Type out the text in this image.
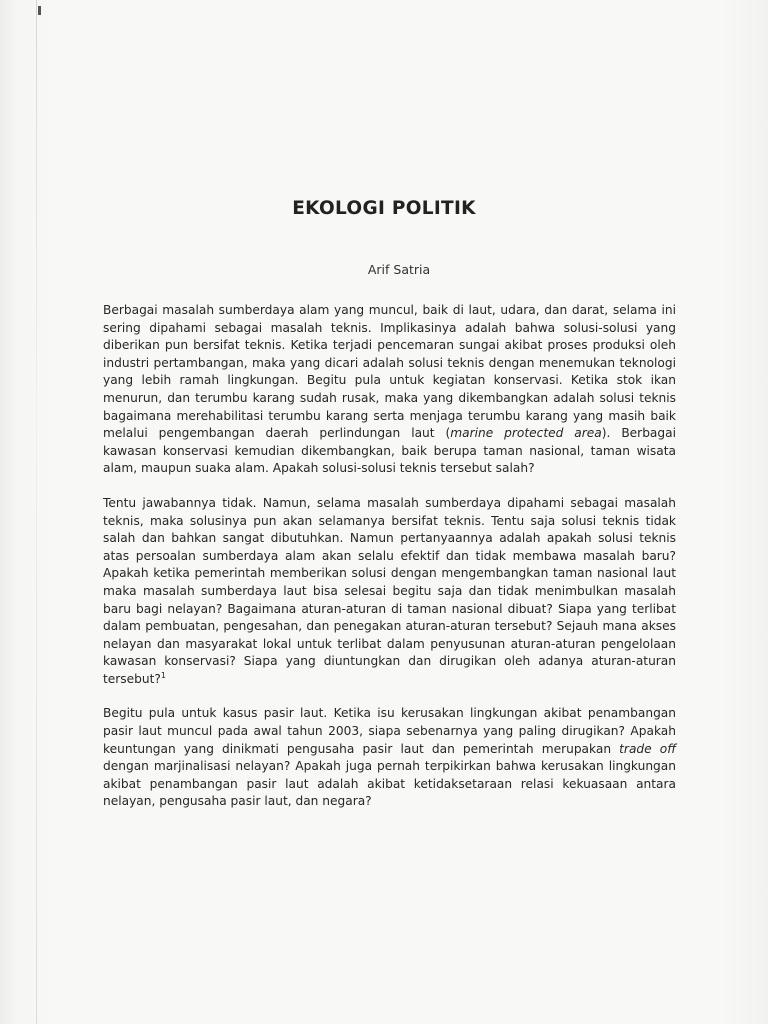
EKOLOGI POLITIK

Arif Satria

Berbagai masalah sumberdaya alam yang muncul, baik di laut, udara, dan darat, selama ini sering dipahami sebagai masalah teknis. Implikasinya adalah bahwa solusi-solusi yang diberikan pun bersifat teknis. Ketika terjadi pencemaran sungai akibat proses produksi oleh industri pertambangan, maka yang dicari adalah solusi teknis dengan menemukan teknologi yang lebih ramah lingkungan. Begitu pula untuk kegiatan konservasi. Ketika stok ikan menurun, dan terumbu karang sudah rusak, maka yang dikembangkan adalah solusi teknis bagaimana merehabilitasi terumbu karang serta menjaga terumbu karang yang masih baik melalui pengembangan daerah perlindungan laut (marine protected area). Berbagai kawasan konservasi kemudian dikembangkan, baik berupa taman nasional, taman wisata alam, maupun suaka alam. Apakah solusi-solusi teknis tersebut salah?

Tentu jawabannya tidak. Namun, selama masalah sumberdaya dipahami sebagai masalah teknis, maka solusinya pun akan selamanya bersifat teknis. Tentu saja solusi teknis tidak salah dan bahkan sangat dibutuhkan. Namun pertanyaannya adalah apakah solusi teknis atas persoalan sumberdaya alam akan selalu efektif dan tidak membawa masalah baru? Apakah ketika pemerintah memberikan solusi dengan mengembangkan taman nasional laut maka masalah sumberdaya laut bisa selesai begitu saja dan tidak menimbulkan masalah baru bagi nelayan? Bagaimana aturan-aturan di taman nasional dibuat? Siapa yang terlibat dalam pembuatan, pengesahan, dan penegakan aturan-aturan tersebut? Sejauh mana akses nelayan dan masyarakat lokal untuk terlibat dalam penyusunan aturan-aturan pengelolaan kawasan konservasi? Siapa yang diuntungkan dan dirugikan oleh adanya aturan-aturan tersebut?$^1$

Begitu pula untuk kasus pasir laut. Ketika isu kerusakan lingkungan akibat penambangan pasir laut muncul pada awal tahun 2003, siapa sebenarnya yang paling dirugikan? Apakah keuntungan yang dinikmati pengusaha pasir laut dan pemerintah merupakan trade off dengan marjinalisasi nelayan? Apakah juga pernah terpikirkan bahwa kerusakan lingkungan akibat penambangan pasir laut adalah akibat ketidaksetaraan relasi kekuasaan antara nelayan, pengusaha pasir laut, dan negara?
